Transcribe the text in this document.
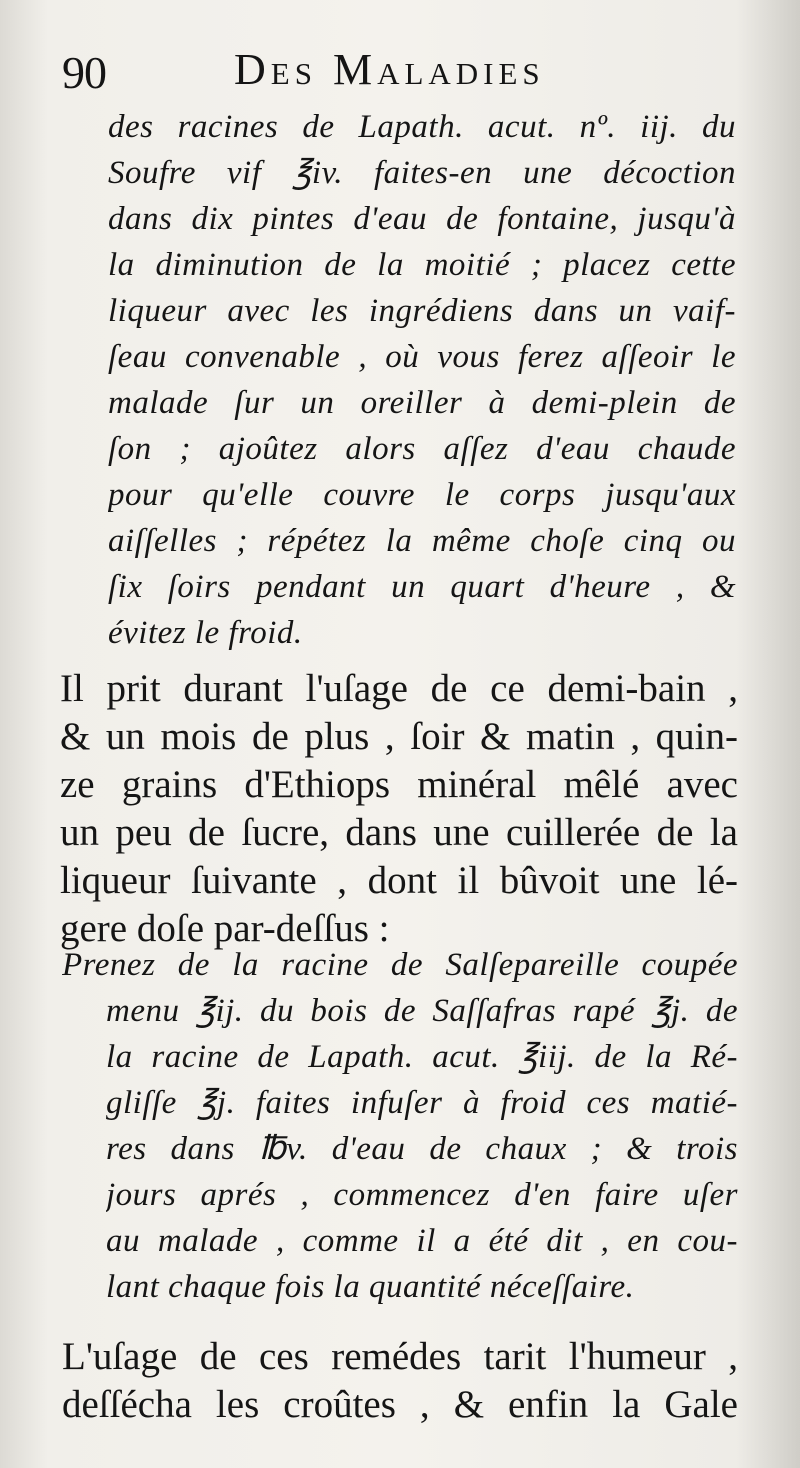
90	Des Maladies
des racines de Lapath. acut. nº. iij. du
Soufre vif ℥iv. faites-en une décoction
dans dix pintes d'eau de fontaine, jusqu'à
la diminution de la moitié ; placez cette
liqueur avec les ingrédiens dans un vaif-
ſeau convenable , où vous ferez aſſeoir le
malade ſur un oreiller à demi-plein de
ſon ; ajoûtez alors aſſez d'eau chaude
pour qu'elle couvre le corps jusqu'aux
aiſſelles ; répétez la même choſe cinq ou
ſix ſoirs pendant un quart d'heure , &
évitez le froid.
Il prit durant l'uſage de ce demi-bain ,
& un mois de plus , ſoir & matin , quin-
ze grains d'Ethiops minéral mêlé avec
un peu de ſucre, dans une cuillerée de la
liqueur ſuivante , dont il bûvoit une lé-
gere doſe par-deſſus :
Prenez de la racine de Salſepareille coupée
menu ℥ij. du bois de Saſſafras rapé ℥j. de
la racine de Lapath. acut. ℥iij. de la Ré-
gliſſe ℥j. faites infuſer à froid ces matié-
res dans ℔v. d'eau de chaux ; & trois
jours aprés , commencez d'en faire uſer
au malade , comme il a été dit , en cou-
lant chaque fois la quantité néceſſaire.
L'uſage de ces remédes tarit l'humeur ,
deſſécha les croûtes , & enfin la Gale
